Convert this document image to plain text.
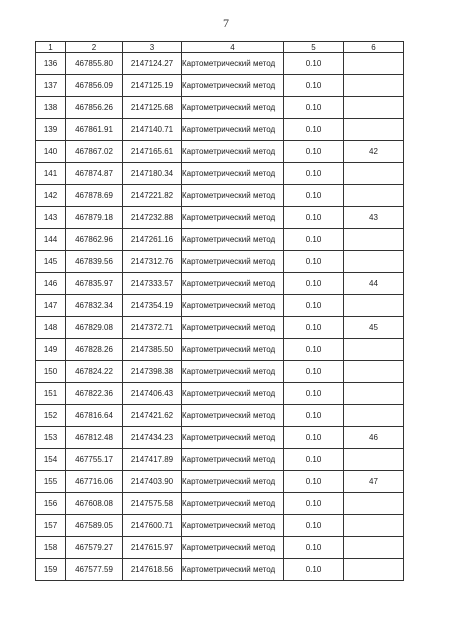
7
1	2	3	4	5	6
136	467855.80	2147124.27	Картометрический метод	0.10	
137	467856.09	2147125.19	Картометрический метод	0.10	
138	467856.26	2147125.68	Картометрический метод	0.10	
139	467861.91	2147140.71	Картометрический метод	0.10	
140	467867.02	2147165.61	Картометрический метод	0.10	42
141	467874.87	2147180.34	Картометрический метод	0.10	
142	467878.69	2147221.82	Картометрический метод	0.10	
143	467879.18	2147232.88	Картометрический метод	0.10	43
144	467862.96	2147261.16	Картометрический метод	0.10	
145	467839.56	2147312.76	Картометрический метод	0.10	
146	467835.97	2147333.57	Картометрический метод	0.10	44
147	467832.34	2147354.19	Картометрический метод	0.10	
148	467829.08	2147372.71	Картометрический метод	0.10	45
149	467828.26	2147385.50	Картометрический метод	0.10	
150	467824.22	2147398.38	Картометрический метод	0.10	
151	467822.36	2147406.43	Картометрический метод	0.10	
152	467816.64	2147421.62	Картометрический метод	0.10	
153	467812.48	2147434.23	Картометрический метод	0.10	46
154	467755.17	2147417.89	Картометрический метод	0.10	
155	467716.06	2147403.90	Картометрический метод	0.10	47
156	467608.08	2147575.58	Картометрический метод	0.10	
157	467589.05	2147600.71	Картометрический метод	0.10	
158	467579.27	2147615.97	Картометрический метод	0.10	
159	467577.59	2147618.56	Картометрический метод	0.10	
